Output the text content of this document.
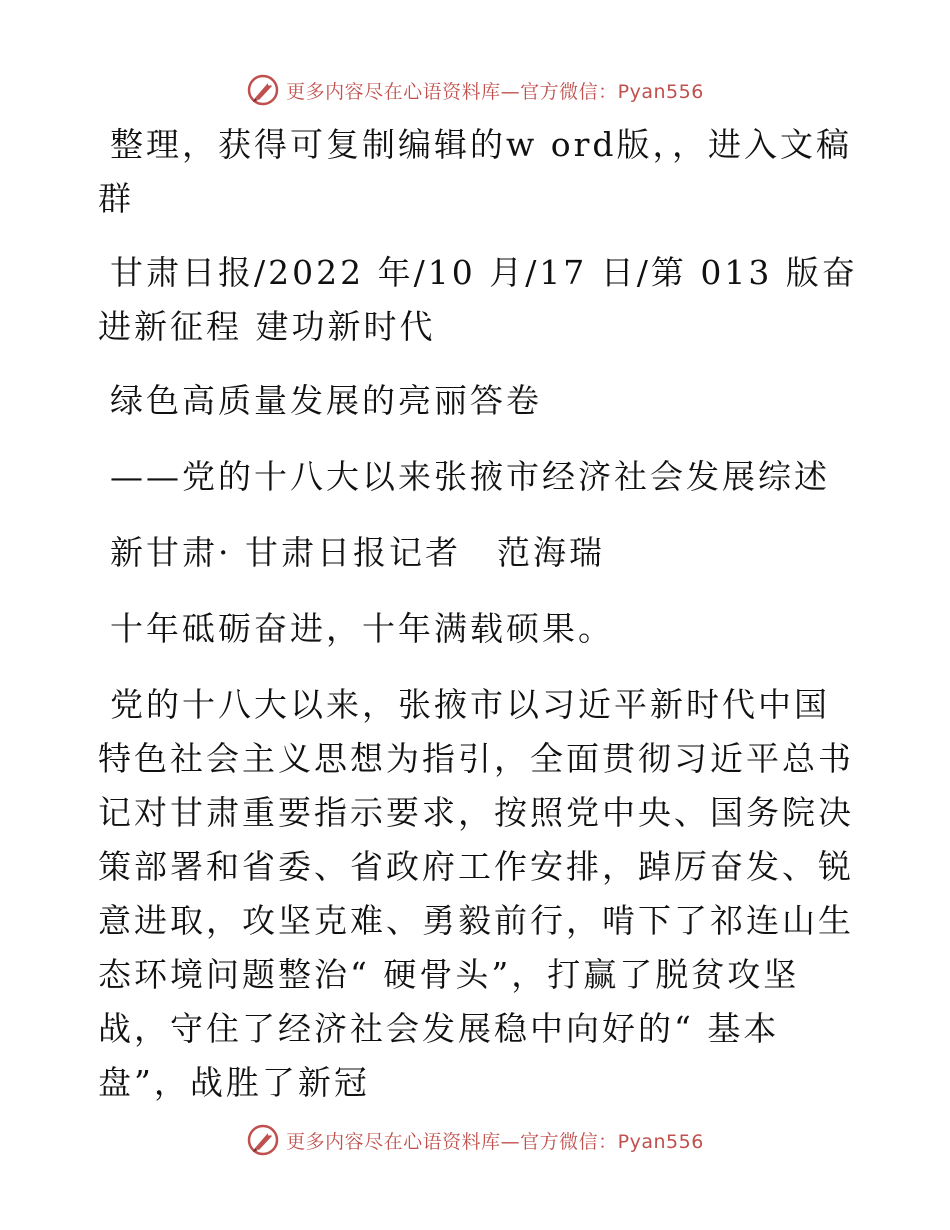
更多内容尽在心语资料库—官方微信：Pyan556

整理，获得可复制编辑的w ord版，，进入文稿群

甘肃日报/2022 年/10 月/17 日/第 013 版奋进新征程 建功新时代

绿色高质量发展的亮丽答卷

——党的十八大以来张掖市经济社会发展综述

新甘肃· 甘肃日报记者　范海瑞

十年砥砺奋进，十年满载硕果。

党的十八大以来，张掖市以习近平新时代中国特色社会主义思想为指引，全面贯彻习近平总书记对甘肃重要指示要求，按照党中央、国务院决策部署和省委、省政府工作安排，踔厉奋发、锐意进取，攻坚克难、勇毅前行，啃下了祁连山生态环境问题整治“ 硬骨头”，打赢了脱贫攻坚战，守住了经济社会发展稳中向好的“ 基本盘”，战胜了新冠

更多内容尽在心语资料库—官方微信：Pyan556
